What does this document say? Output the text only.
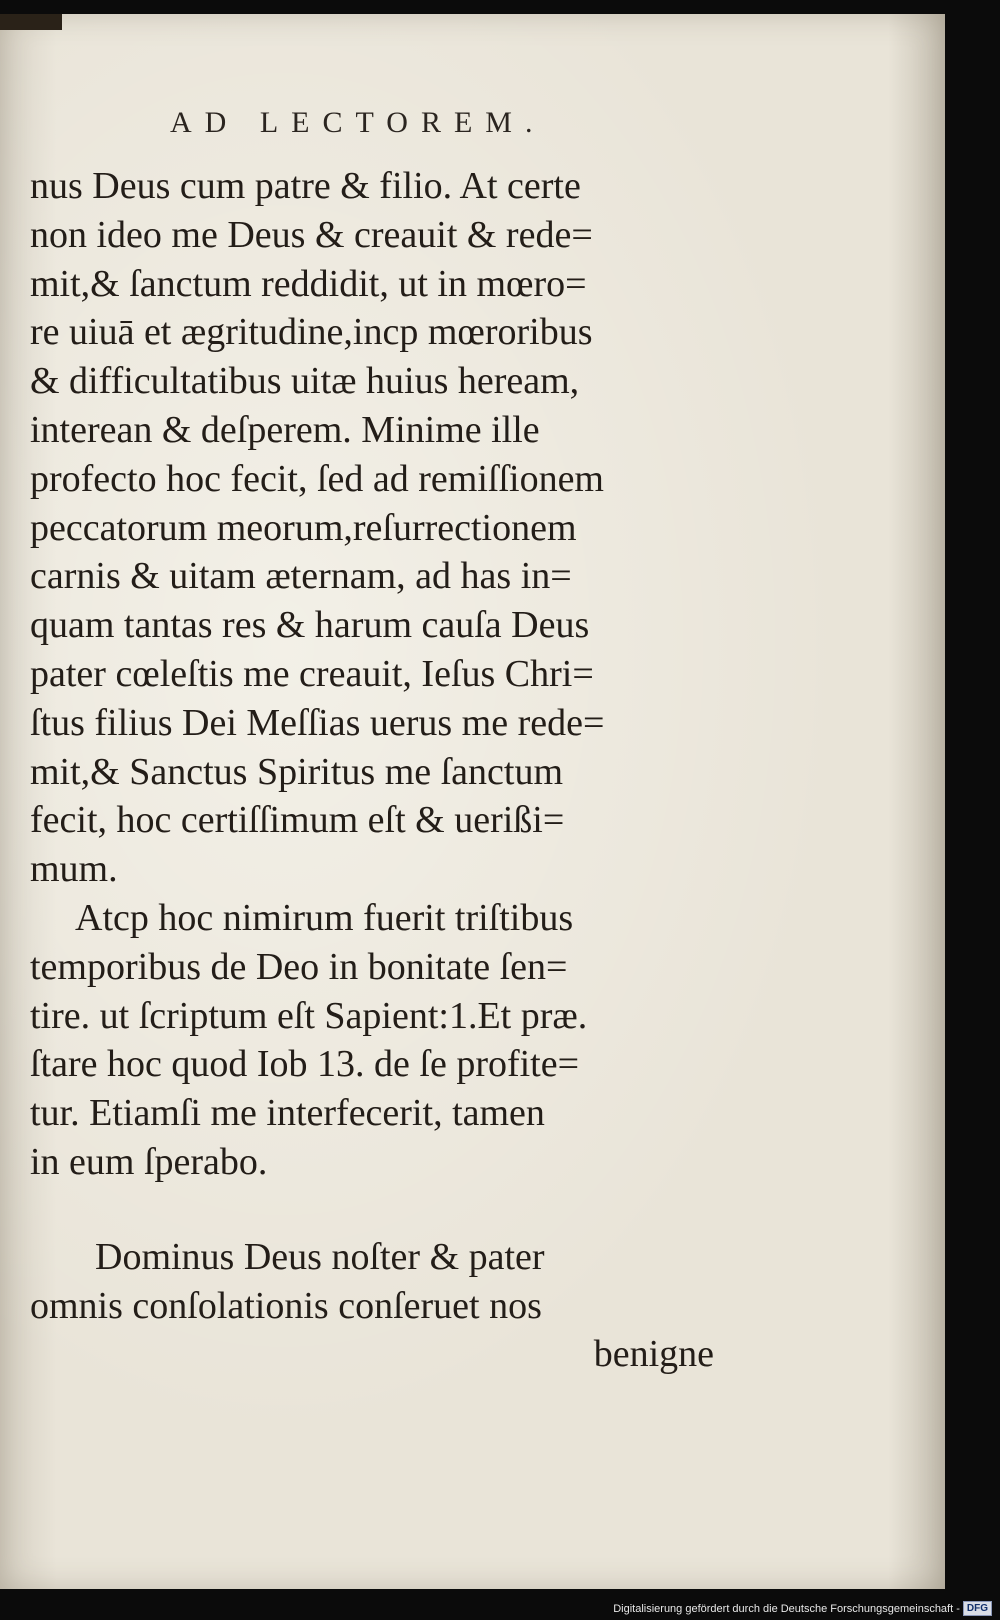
AD LECTOREM.
nus Deus cum patre & filio. At certe
non ideo me Deus & creauit & rede=
mit,& ſanctum reddidit, ut in mœro=
re uiuā et ægritudine,incp mœroribus
& difficultatibus uitæ huius heream,
interean & deſperem. Minime ille
profecto hoc fecit, ſed ad remiſſionem
peccatorum meorum,reſurrectionem
carnis & uitam æternam, ad has in=
quam tantas res & harum cauſa Deus
pater cœleſtis me creauit, Ieſus Chri=
ſtus filius Dei Meſſias uerus me rede=
mit,& Sanctus Spiritus me ſanctum
fecit, hoc certiſſimum eſt & uerißi=
mum.
Atcp hoc nimirum fuerit triſtibus
temporibus de Deo in bonitate ſen=
tire. ut ſcriptum eſt Sapient:1.Et præ.
ſtare hoc quod Iob 13. de ſe profite=
tur. Etiamſi me interfecerit, tamen
in eum ſperabo.
Dominus Deus noſter & pater
omnis conſolationis conſeruet nos
benigne
Digitalisierung gefördert durch die Deutsche Forschungsgemeinschaft - DFG
